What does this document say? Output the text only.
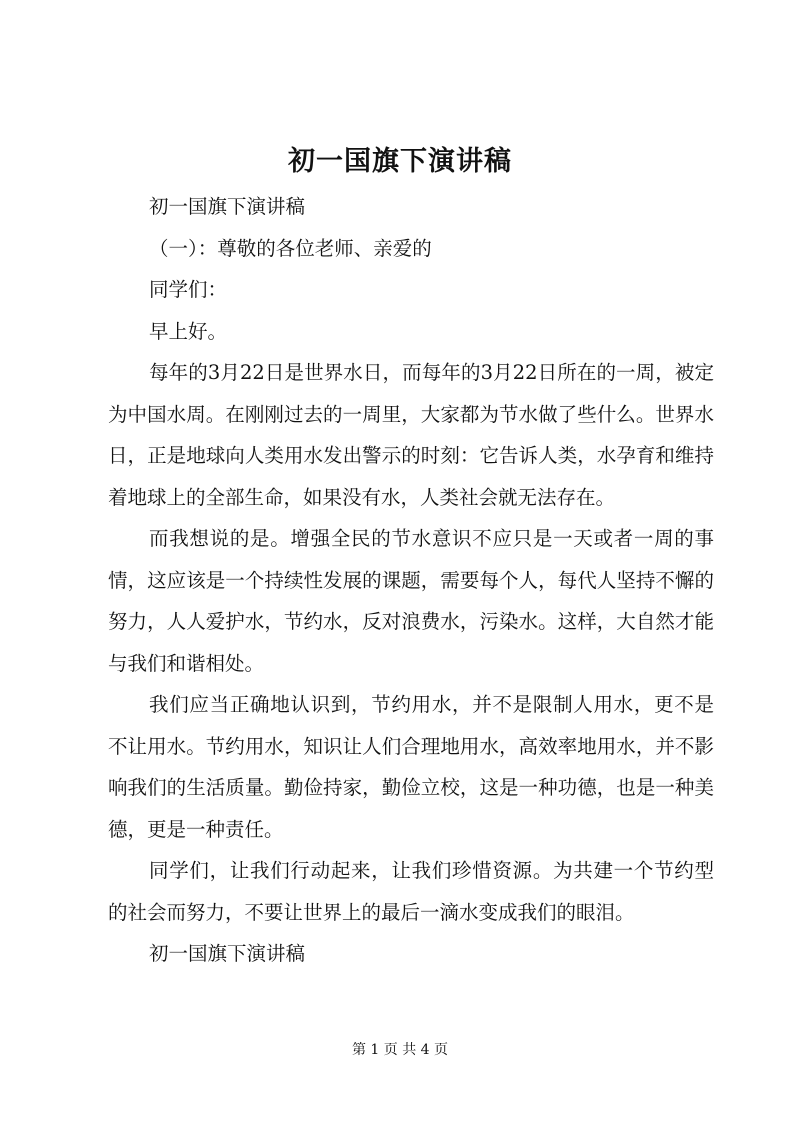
初一国旗下演讲稿

初一国旗下演讲稿

（一）：尊敬的各位老师、亲爱的

同学们：

早上好。

每年的3月22日是世界水日，而每年的3月22日所在的一周，被定为中国水周。在刚刚过去的一周里，大家都为节水做了些什么。世界水日，正是地球向人类用水发出警示的时刻：它告诉人类，水孕育和维持着地球上的全部生命，如果没有水，人类社会就无法存在。

而我想说的是。增强全民的节水意识不应只是一天或者一周的事情，这应该是一个持续性发展的课题，需要每个人，每代人坚持不懈的努力，人人爱护水，节约水，反对浪费水，污染水。这样，大自然才能与我们和谐相处。

我们应当正确地认识到，节约用水，并不是限制人用水，更不是不让用水。节约用水，知识让人们合理地用水，高效率地用水，并不影响我们的生活质量。勤俭持家，勤俭立校，这是一种功德，也是一种美德，更是一种责任。

同学们，让我们行动起来，让我们珍惜资源。为共建一个节约型的社会而努力，不要让世界上的最后一滴水变成我们的眼泪。

初一国旗下演讲稿

第 1 页 共 4 页
